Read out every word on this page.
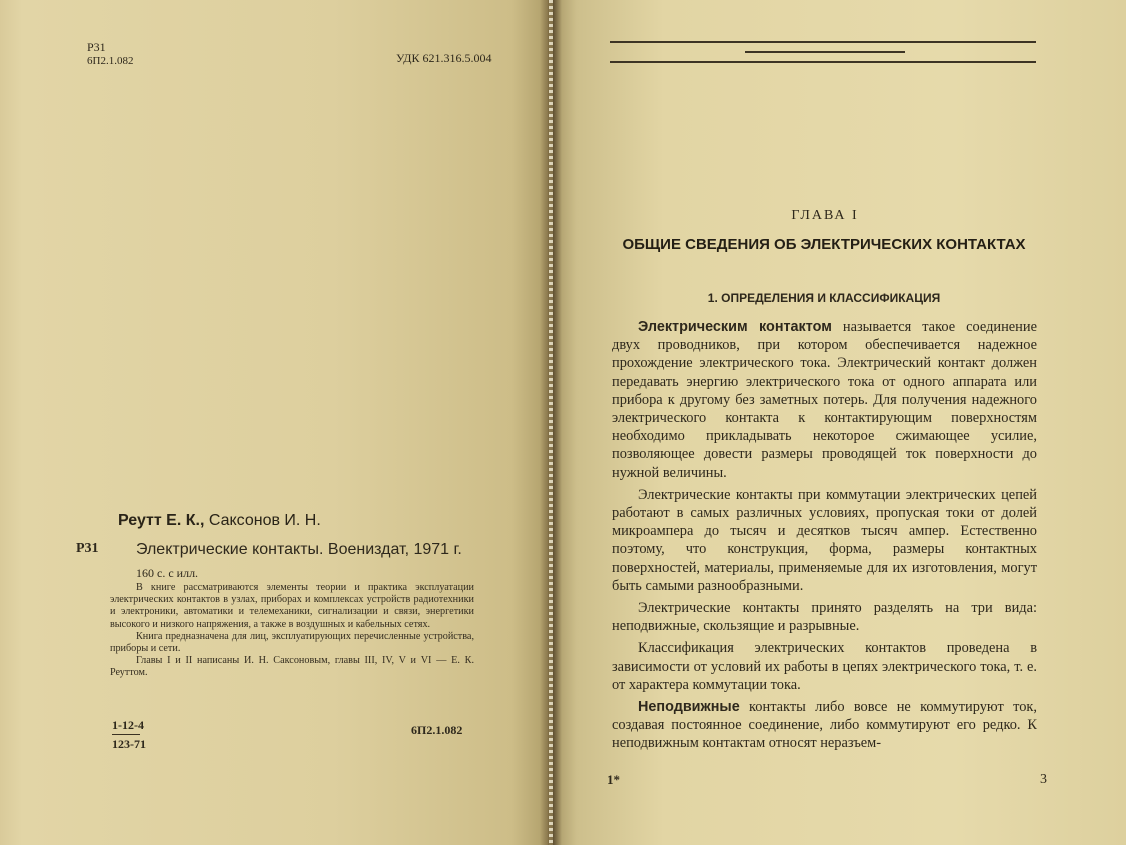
Р31
6П2.1.082	УДК 621.316.5.004
Реутт Е. К., Саксонов И. Н.
Р31 Электрические контакты. Воениздат, 1971 г.
160 с. с илл.

В книге рассматриваются элементы теории и практика эксплуатации электрических контактов в узлах, приборах и комплексах устройств радиотехники и электроники, автоматики и телемеханики, сигнализации и связи, энергетики высокого и низкого напряжения, а также в воздушных и кабельных сетях.

Книга предназначена для лиц, эксплуатирующих перечисленные устройства, приборы и сети.

Главы I и II написаны И. Н. Саксоновым, главы III, IV, V и VI — Е. К. Реуттом.

1-12-4
123-71
6П2.1.082
ГЛАВА I
ОБЩИЕ СВЕДЕНИЯ ОБ ЭЛЕКТРИЧЕСКИХ КОНТАКТАХ
1. ОПРЕДЕЛЕНИЯ И КЛАССИФИКАЦИЯ

Электрическим контактом называется такое соединение двух проводников, при котором обеспечивается надежное прохождение электрического тока. Электрический контакт должен передавать энергию электрического тока от одного аппарата или прибора к другому без заметных потерь. Для получения надежного электрического контакта к контактирующим поверхностям необходимо прикладывать некоторое сжимающее усилие, позволяющее довести размеры проводящей ток поверхности до нужной величины.

Электрические контакты при коммутации электрических цепей работают в самых различных условиях, пропуская токи от долей микроампера до тысяч и десятков тысяч ампер. Естественно поэтому, что конструкция, форма, размеры контактных поверхностей, материалы, применяемые для их изготовления, могут быть самыми разнообразными.

Электрические контакты принято разделять на три вида: неподвижные, скользящие и разрывные.

Классификация электрических контактов проведена в зависимости от условий их работы в цепях электрического тока, т. е. от характера коммутации тока.

Неподвижные контакты либо вовсе не коммутируют ток, создавая постоянное соединение, либо коммутируют его редко. К неподвижным контактам относят неразъем-

1*	3
